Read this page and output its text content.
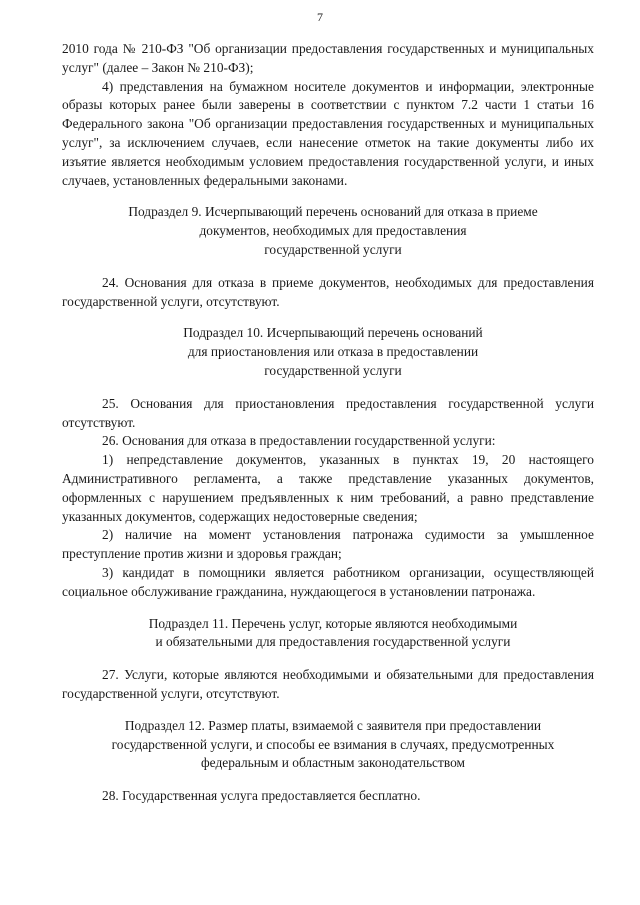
7

2010 года № 210-ФЗ "Об организации предоставления государственных и муниципальных услуг" (далее – Закон № 210-ФЗ);

4) представления на бумажном носителе документов и информации, электронные образы которых ранее были заверены в соответствии с пунктом 7.2 части 1 статьи 16 Федерального закона "Об организации предоставления государственных и муниципальных услуг", за исключением случаев, если нанесение отметок на такие документы либо их изъятие является необходимым условием предоставления государственной услуги, и иных случаев, установленных федеральными законами.

Подраздел 9. Исчерпывающий перечень оснований для отказа в приеме
документов, необходимых для предоставления
государственной услуги

24. Основания для отказа в приеме документов, необходимых для предоставления государственной услуги, отсутствуют.

Подраздел 10. Исчерпывающий перечень оснований
для приостановления или отказа в предоставлении
государственной услуги

25. Основания для приостановления предоставления государственной услуги отсутствуют.

26. Основания для отказа в предоставлении государственной услуги:

1) непредставление документов, указанных в пунктах 19, 20 настоящего Административного регламента, а также представление указанных документов, оформленных с нарушением предъявленных к ним требований, а равно представление указанных документов, содержащих недостоверные сведения;

2) наличие на момент установления патронажа судимости за умышленное преступление против жизни и здоровья граждан;

3) кандидат в помощники является работником организации, осуществляющей социальное обслуживание гражданина, нуждающегося в установлении патронажа.

Подраздел 11. Перечень услуг, которые являются необходимыми
и обязательными для предоставления государственной услуги

27. Услуги, которые являются необходимыми и обязательными для предоставления государственной услуги, отсутствуют.

Подраздел 12. Размер платы, взимаемой с заявителя при предоставлении
государственной услуги, и способы ее взимания в случаях, предусмотренных
федеральным и областным законодательством

28. Государственная услуга предоставляется бесплатно.
